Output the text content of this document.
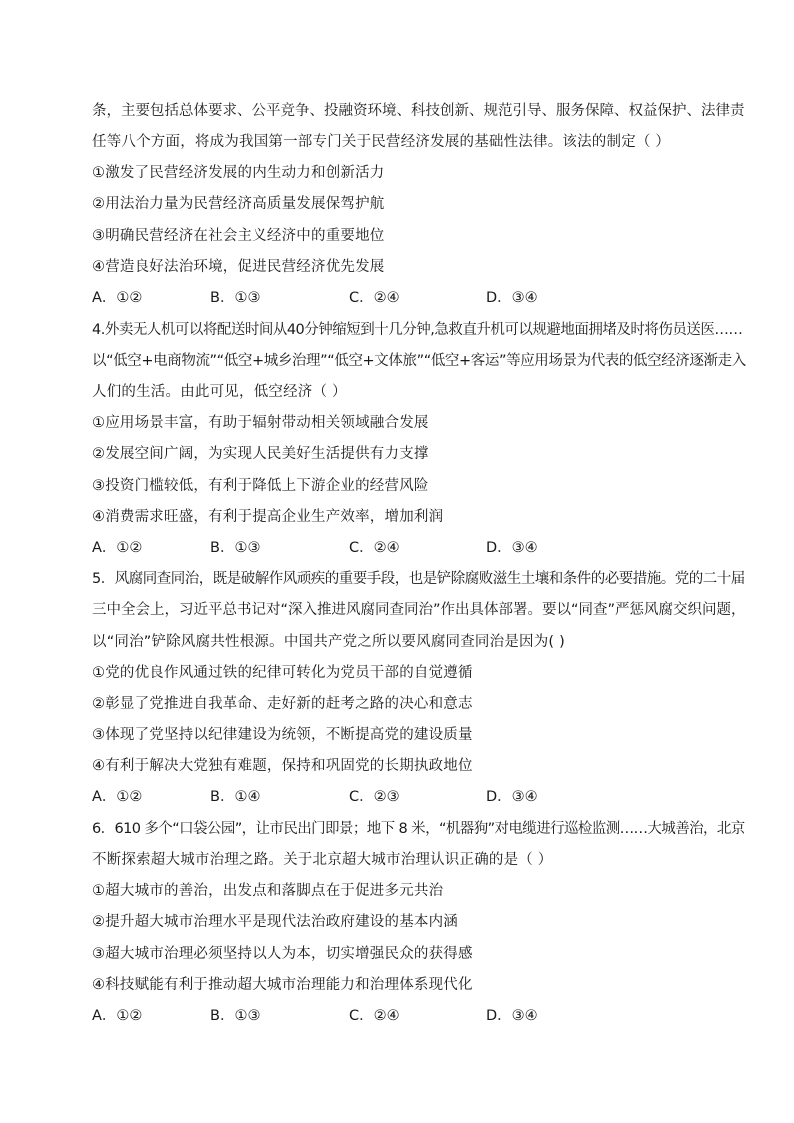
条，主要包括总体要求、公平竞争、投融资环境、科技创新、规范引导、服务保障、权益保护、法律责
任等八个方面，将成为我国第一部专门关于民营经济发展的基础性法律。该法的制定（ ）
①激发了民营经济发展的内生动力和创新活力
②用法治力量为民营经济高质量发展保驾护航
③明确民营经济在社会主义经济中的重要地位
④营造良好法治环境，促进民营经济优先发展
A．①②	B．①③	C．②④	D．③④
4.外卖无人机可以将配送时间从40分钟缩短到十几分钟,急救直升机可以规避地面拥堵及时将伤员送医……
以“低空+电商物流”“低空+城乡治理”“低空+文体旅”“低空+客运”等应用场景为代表的低空经济逐渐走入
人们的生活。由此可见，低空经济（ ）
①应用场景丰富，有助于辐射带动相关领域融合发展
②发展空间广阔，为实现人民美好生活提供有力支撑
③投资门槛较低，有利于降低上下游企业的经营风险
④消费需求旺盛，有利于提高企业生产效率，增加利润
A．①②	B．①③	C．②④	D．③④
5．风腐同查同治，既是破解作风顽疾的重要手段，也是铲除腐败滋生土壤和条件的必要措施。党的二十届
三中全会上，习近平总书记对“深入推进风腐同查同治”作出具体部署。要以“同查”严惩风腐交织问题，
以“同治”铲除风腐共性根源。中国共产党之所以要风腐同查同治是因为( )
①党的优良作风通过铁的纪律可转化为党员干部的自觉遵循
②彰显了党推进自我革命、走好新的赶考之路的决心和意志
③体现了党坚持以纪律建设为统领，不断提高党的建设质量
④有利于解决大党独有难题，保持和巩固党的长期执政地位
A．①②	B．①④	C．②③	D．③④
6．610 多个“口袋公园”，让市民出门即景；地下 8 米，“机器狗”对电缆进行巡检监测……大城善治，北京
不断探索超大城市治理之路。关于北京超大城市治理认识正确的是（ ）
①超大城市的善治，出发点和落脚点在于促进多元共治
②提升超大城市治理水平是现代法治政府建设的基本内涵
③超大城市治理必须坚持以人为本，切实增强民众的获得感
④科技赋能有利于推动超大城市治理能力和治理体系现代化
A．①②	B．①③	C．②④	D．③④
